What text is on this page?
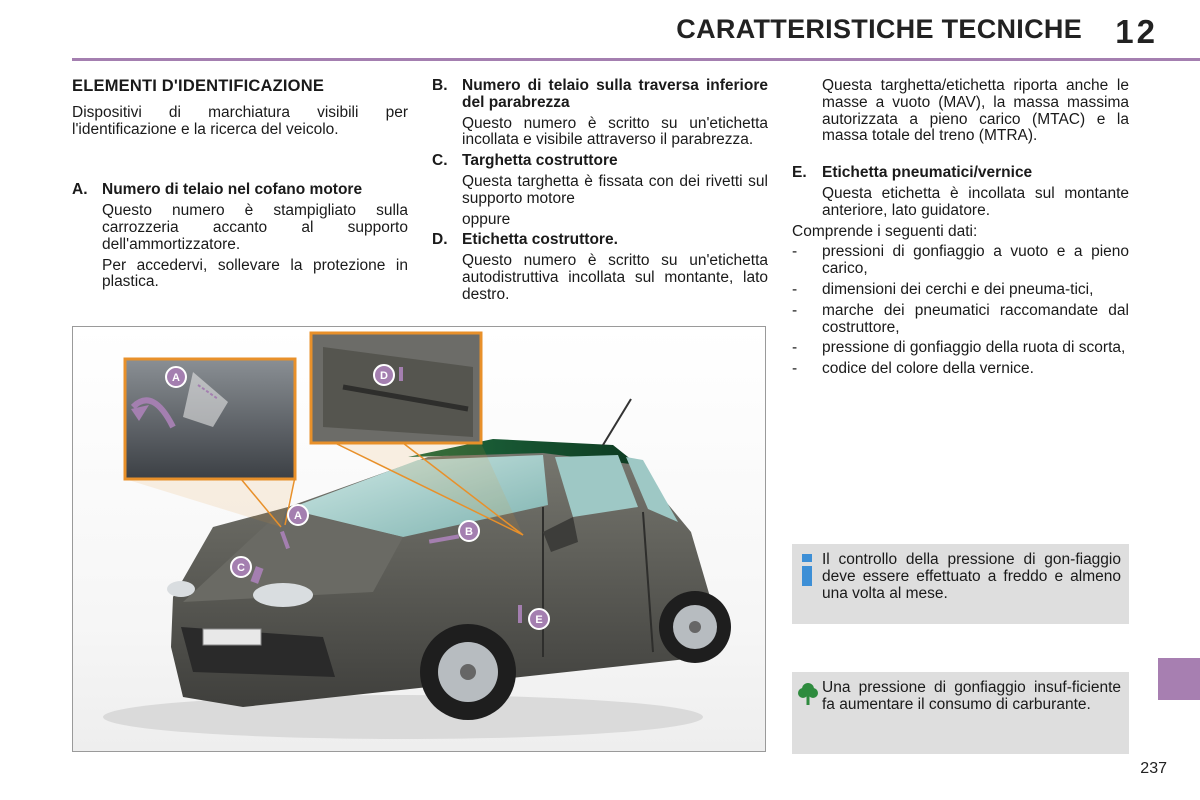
CARATTERISTICHE TECNICHE 12
237
ELEMENTI D'IDENTIFICAZIONE

Dispositivi di marchiatura visibili per l'identificazione e la ricerca del veicolo.

A. Numero di telaio nel cofano motore

Questo numero è stampigliato sulla carrozzeria accanto al supporto dell'ammortizzatore.

Per accedervi, sollevare la protezione in plastica.

B. Numero di telaio sulla traversa inferiore del parabrezza

Questo numero è scritto su un'etichetta incollata e visibile attraverso il parabrezza.

C. Targhetta costruttore

Questa targhetta è fissata con dei rivetti sul supporto motore

oppure

D. Etichetta costruttore.

Questo numero è scritto su un'etichetta autodistruttiva incollata sul montante, lato destro.

Questa targhetta/etichetta riporta anche le masse a vuoto (MAV), la massa massima autorizzata a pieno carico (MTAC) e la massa totale del treno (MTRA).

E. Etichetta pneumatici/vernice

Questa etichetta è incollata sul montante anteriore, lato guidatore.

Comprende i seguenti dati:

-	pressioni di gonfiaggio a vuoto e a pieno carico,
-	dimensioni dei cerchi e dei pneuma-tici,
-	marche dei pneumatici raccomandate dal costruttore,
-	pressione di gonfiaggio della ruota di scorta,
-	codice del colore della vernice.
A	D
A
B
C
E

Il controllo della pressione di gon-fiaggio deve essere effettuato a freddo e almeno una volta al mese.

Una pressione di gonfiaggio insuf-ficiente fa aumentare il consumo di carburante.
